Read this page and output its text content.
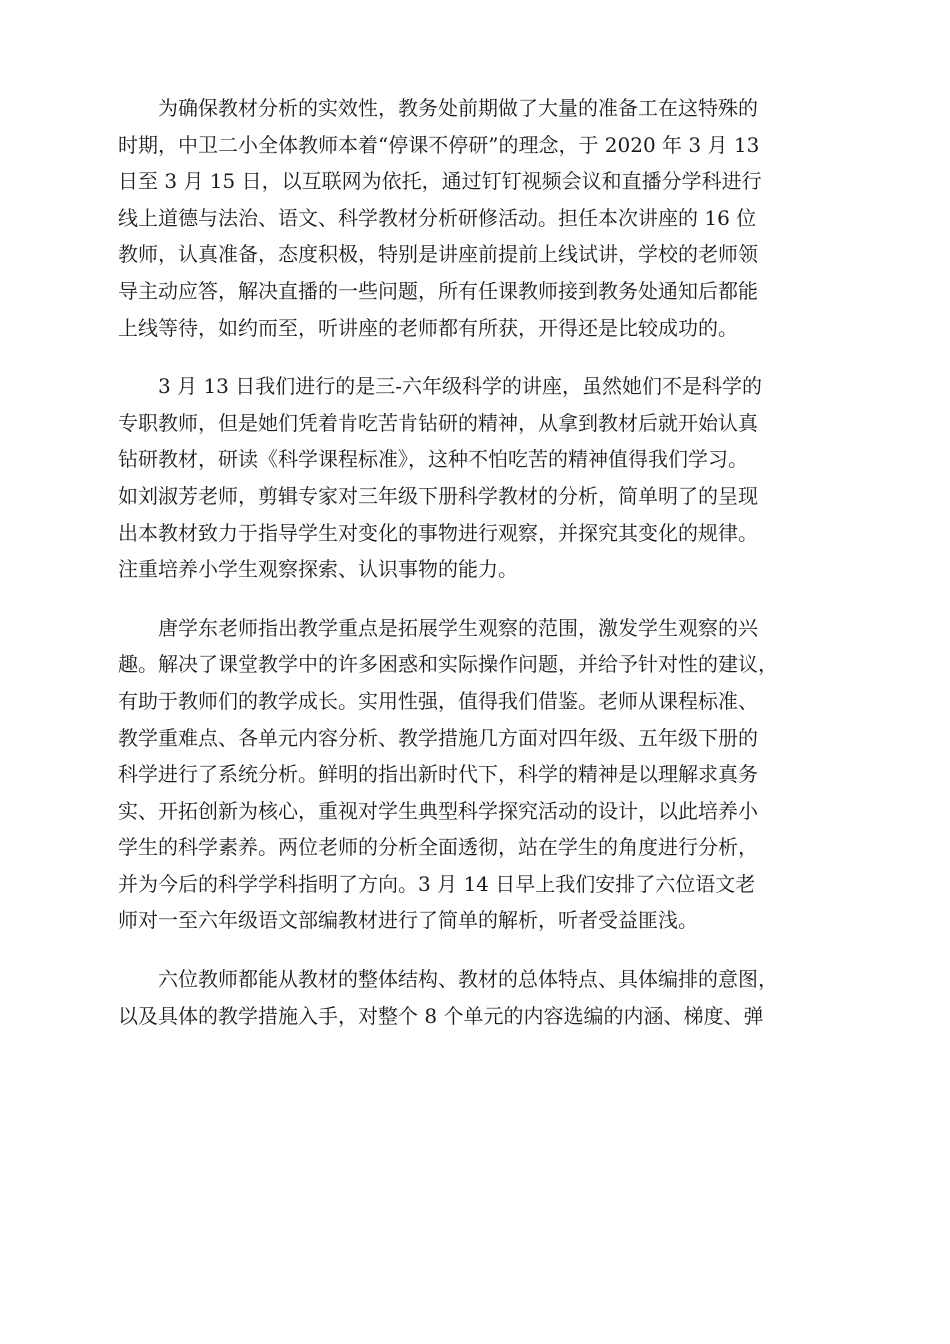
为确保教材分析的实效性，教务处前期做了大量的准备工在这特殊的
时期，中卫二小全体教师本着“停课不停研”的理念，于 2020 年 3 月 13
日至 3 月 15 日，以互联网为依托，通过钉钉视频会议和直播分学科进行
线上道德与法治、语文、科学教材分析研修活动。担任本次讲座的 16 位
教师，认真准备，态度积极，特别是讲座前提前上线试讲，学校的老师领
导主动应答，解决直播的一些问题，所有任课教师接到教务处通知后都能
上线等待，如约而至，听讲座的老师都有所获，开得还是比较成功的。

3 月 13 日我们进行的是三-六年级科学的讲座，虽然她们不是科学的
专职教师，但是她们凭着肯吃苦肯钻研的精神，从拿到教材后就开始认真
钻研教材，研读《科学课程标准》，这种不怕吃苦的精神值得我们学习。
如刘淑芳老师，剪辑专家对三年级下册科学教材的分析，简单明了的呈现
出本教材致力于指导学生对变化的事物进行观察，并探究其变化的规律。
注重培养小学生观察探索、认识事物的能力。

唐学东老师指出教学重点是拓展学生观察的范围，激发学生观察的兴
趣。解决了课堂教学中的许多困惑和实际操作问题，并给予针对性的建议，
有助于教师们的教学成长。实用性强，值得我们借鉴。老师从课程标准、
教学重难点、各单元内容分析、教学措施几方面对四年级、五年级下册的
科学进行了系统分析。鲜明的指出新时代下，科学的精神是以理解求真务
实、开拓创新为核心，重视对学生典型科学探究活动的设计，以此培养小
学生的科学素养。两位老师的分析全面透彻，站在学生的角度进行分析，
并为今后的科学学科指明了方向。3 月 14 日早上我们安排了六位语文老
师对一至六年级语文部编教材进行了简单的解析，听者受益匪浅。

六位教师都能从教材的整体结构、教材的总体特点、具体编排的意图，
以及具体的教学措施入手，对整个 8 个单元的内容选编的内涵、梯度、弹
